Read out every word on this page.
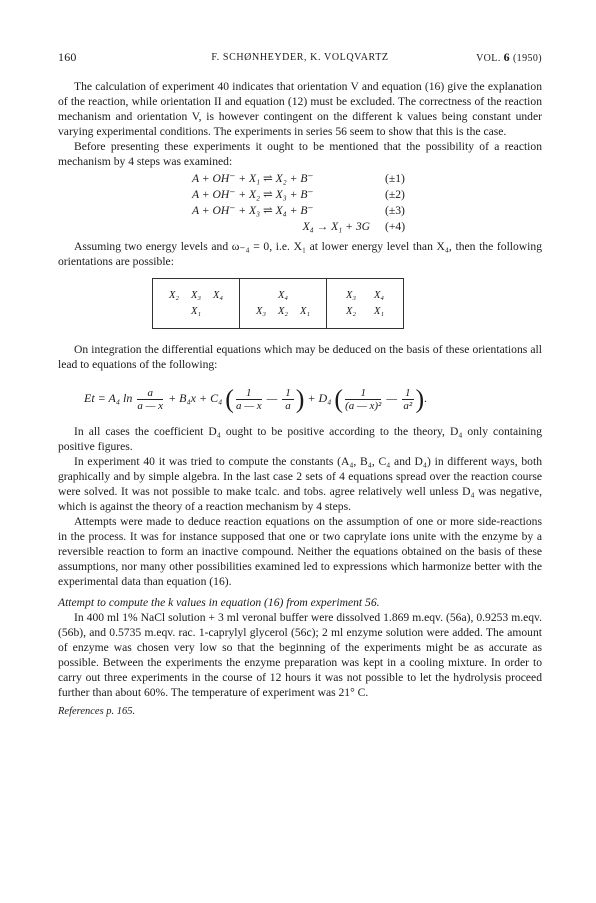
160	F. SCHØNHEYDER, K. VOLQVARTZ	VOL. 6 (1950)

The calculation of experiment 40 indicates that orientation V and equation (16) give the explanation of the reaction, while orientation II and equation (12) must be excluded. The correctness of the reaction mechanism and orientation V, is however contingent on the different k values being constant under varying experimental conditions. The experiments in series 56 seem to show that this is the case.

Before presenting these experiments it ought to be mentioned that the possibility of a reaction mechanism by 4 steps was examined:

A + OH⁻ + X₁ ⇌ X₂ + B⁻	(±1)
A + OH⁻ + X₂ ⇌ X₃ + B⁻	(±2)
A + OH⁻ + X₃ ⇌ X₄ + B⁻	(±3)
X₄ → X₁ + 3G (+4)

Assuming two energy levels and ω₋₄ = 0, i.e. X₁ at lower energy level than X₄, then the following orientations are possible:

X₂	X₃	X₄
X₁

X₄
X₃	X₂	X₁

X₃	X₄
X₂	X₁

On integration the differential equations which may be deduced on the basis of these orientations all lead to equations of the following:

Et = A₄ $\ln \frac{a}{a — x} + B_4x + C_4$ ( $\frac{1}{a — x}$ — $\frac{1}{a}$ ) + D₄ ( $\frac{1}{\text{(a — x)²}}$ — $\frac{1}{\text{a²}}$ ).

In all cases the coefficient D₄ ought to be positive according to the theory, D₄ only containing positive figures.

In experiment 40 it was tried to compute the constants (A₄, B₄, C₄ and D₄) in different ways, both graphically and by simple algebra. In the last case 2 sets of 4 equations spread over the reaction course were solved. It was not possible to make tcalc. and tobs. agree relatively well unless D₄ was negative, which is against the theory of a reaction mechanism by 4 steps.

Attempts were made to deduce reaction equations on the assumption of one or more side-reactions in the process. It was for instance supposed that one or two caprylate ions unite with the enzyme by a reversible reaction to form an inactive compound. Neither the equations obtained on the basis of these assumptions, nor many other possibilities examined led to expressions which harmonize better with the experimental data than equation (16).

Attempt to compute the k values in equation (16) from experiment 56.

In 400 ml 1% NaCl solution + 3 ml veronal buffer were dissolved 1.869 m.eqv. (56a), 0.9253 m.eqv. (56b), and 0.5735 m.eqv. rac. 1-caprylyl glycerol (56c); 2 ml enzyme solution were added. The amount of enzyme was chosen very low so that the beginning of the experiments might be as accurate as possible. Between the experiments the enzyme preparation was kept in a cooling mixture. In order to carry out three experiments in the course of 12 hours it was not possible to let the hydrolysis proceed further than about 60%. The temperature of experiment was 21° C.

References p. 165.
